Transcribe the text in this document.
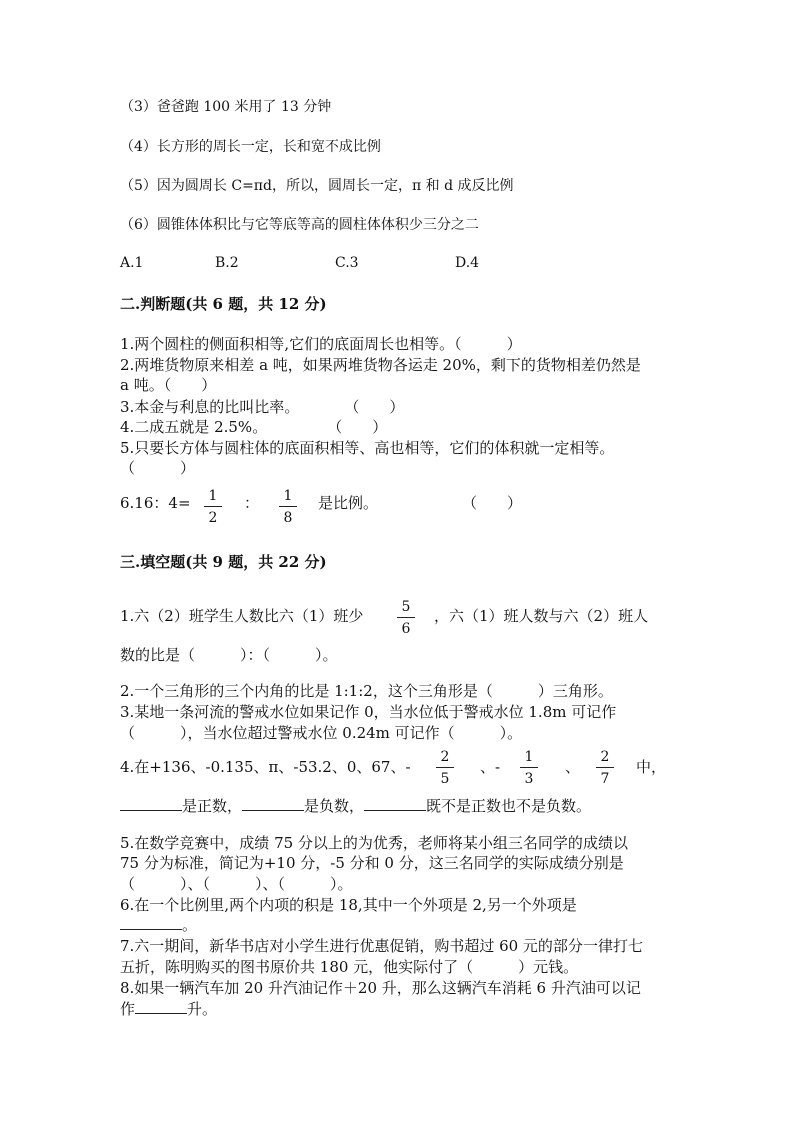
（3）爸爸跑 100 米用了 13 分钟
（4）长方形的周长一定，长和宽不成比例
（5）因为圆周长 C=πd，所以，圆周长一定，π 和 d 成反比例
（6）圆锥体体积比与它等底等高的圆柱体体积少三分之二
A.1	B.2	C.3	D.4
二.判断题(共 6 题，共 12 分)
1.两个圆柱的侧面积相等,它们的底面周长也相等。（　　　）
2.两堆货物原来相差 a 吨，如果两堆货物各运走 20%，剩下的货物相差仍然是
a 吨。（　　）
3.本金与利息的比叫比率。　　　　（　　）
4.二成五就是 2.5%。　　　　　（　　）
5.只要长方体与圆柱体的底面积相等、高也相等，它们的体积就一定相等。
（　　　）
6.16：4=	1
2
：	1
8
是比例。	（　　）
三.填空题(共 9 题，共 22 分)
1.六（2）班学生人数比六（1）班少	5
6
，六（1）班人数与六（2）班人
数的比是（　　　）：（　　　）。
2.一个三角形的三个内角的比是 1:1:2，这个三角形是（　　　）三角形。
3.某地一条河流的警戒水位如果记作 0，当水位低于警戒水位 1.8m 可记作
（　　　），当水位超过警戒水位 0.24m 可记作（　　　）。
4.在+136、-0.135、π、-53.2、0、67、-
2
5
、-
1
3
、
2
7
中，
是正数，	是负数，	既不是正数也不是负数。
5.在数学竞赛中，成绩 75 分以上的为优秀，老师将某小组三名同学的成绩以
75 分为标准，简记为+10 分，-5 分和 0 分，这三名同学的实际成绩分别是
（　　　）、（　　　）、（　　　）。
6.在一个比例里,两个内项的积是 18,其中一个外项是 2,另一个外项是
。
7.六一期间，新华书店对小学生进行优惠促销，购书超过 60 元的部分一律打七
五折，陈明购买的图书原价共 180 元，他实际付了（　　　）元钱。
8.如果一辆汽车加 20 升汽油记作＋20 升，那么这辆汽车消耗 6 升汽油可以记
作	升。
